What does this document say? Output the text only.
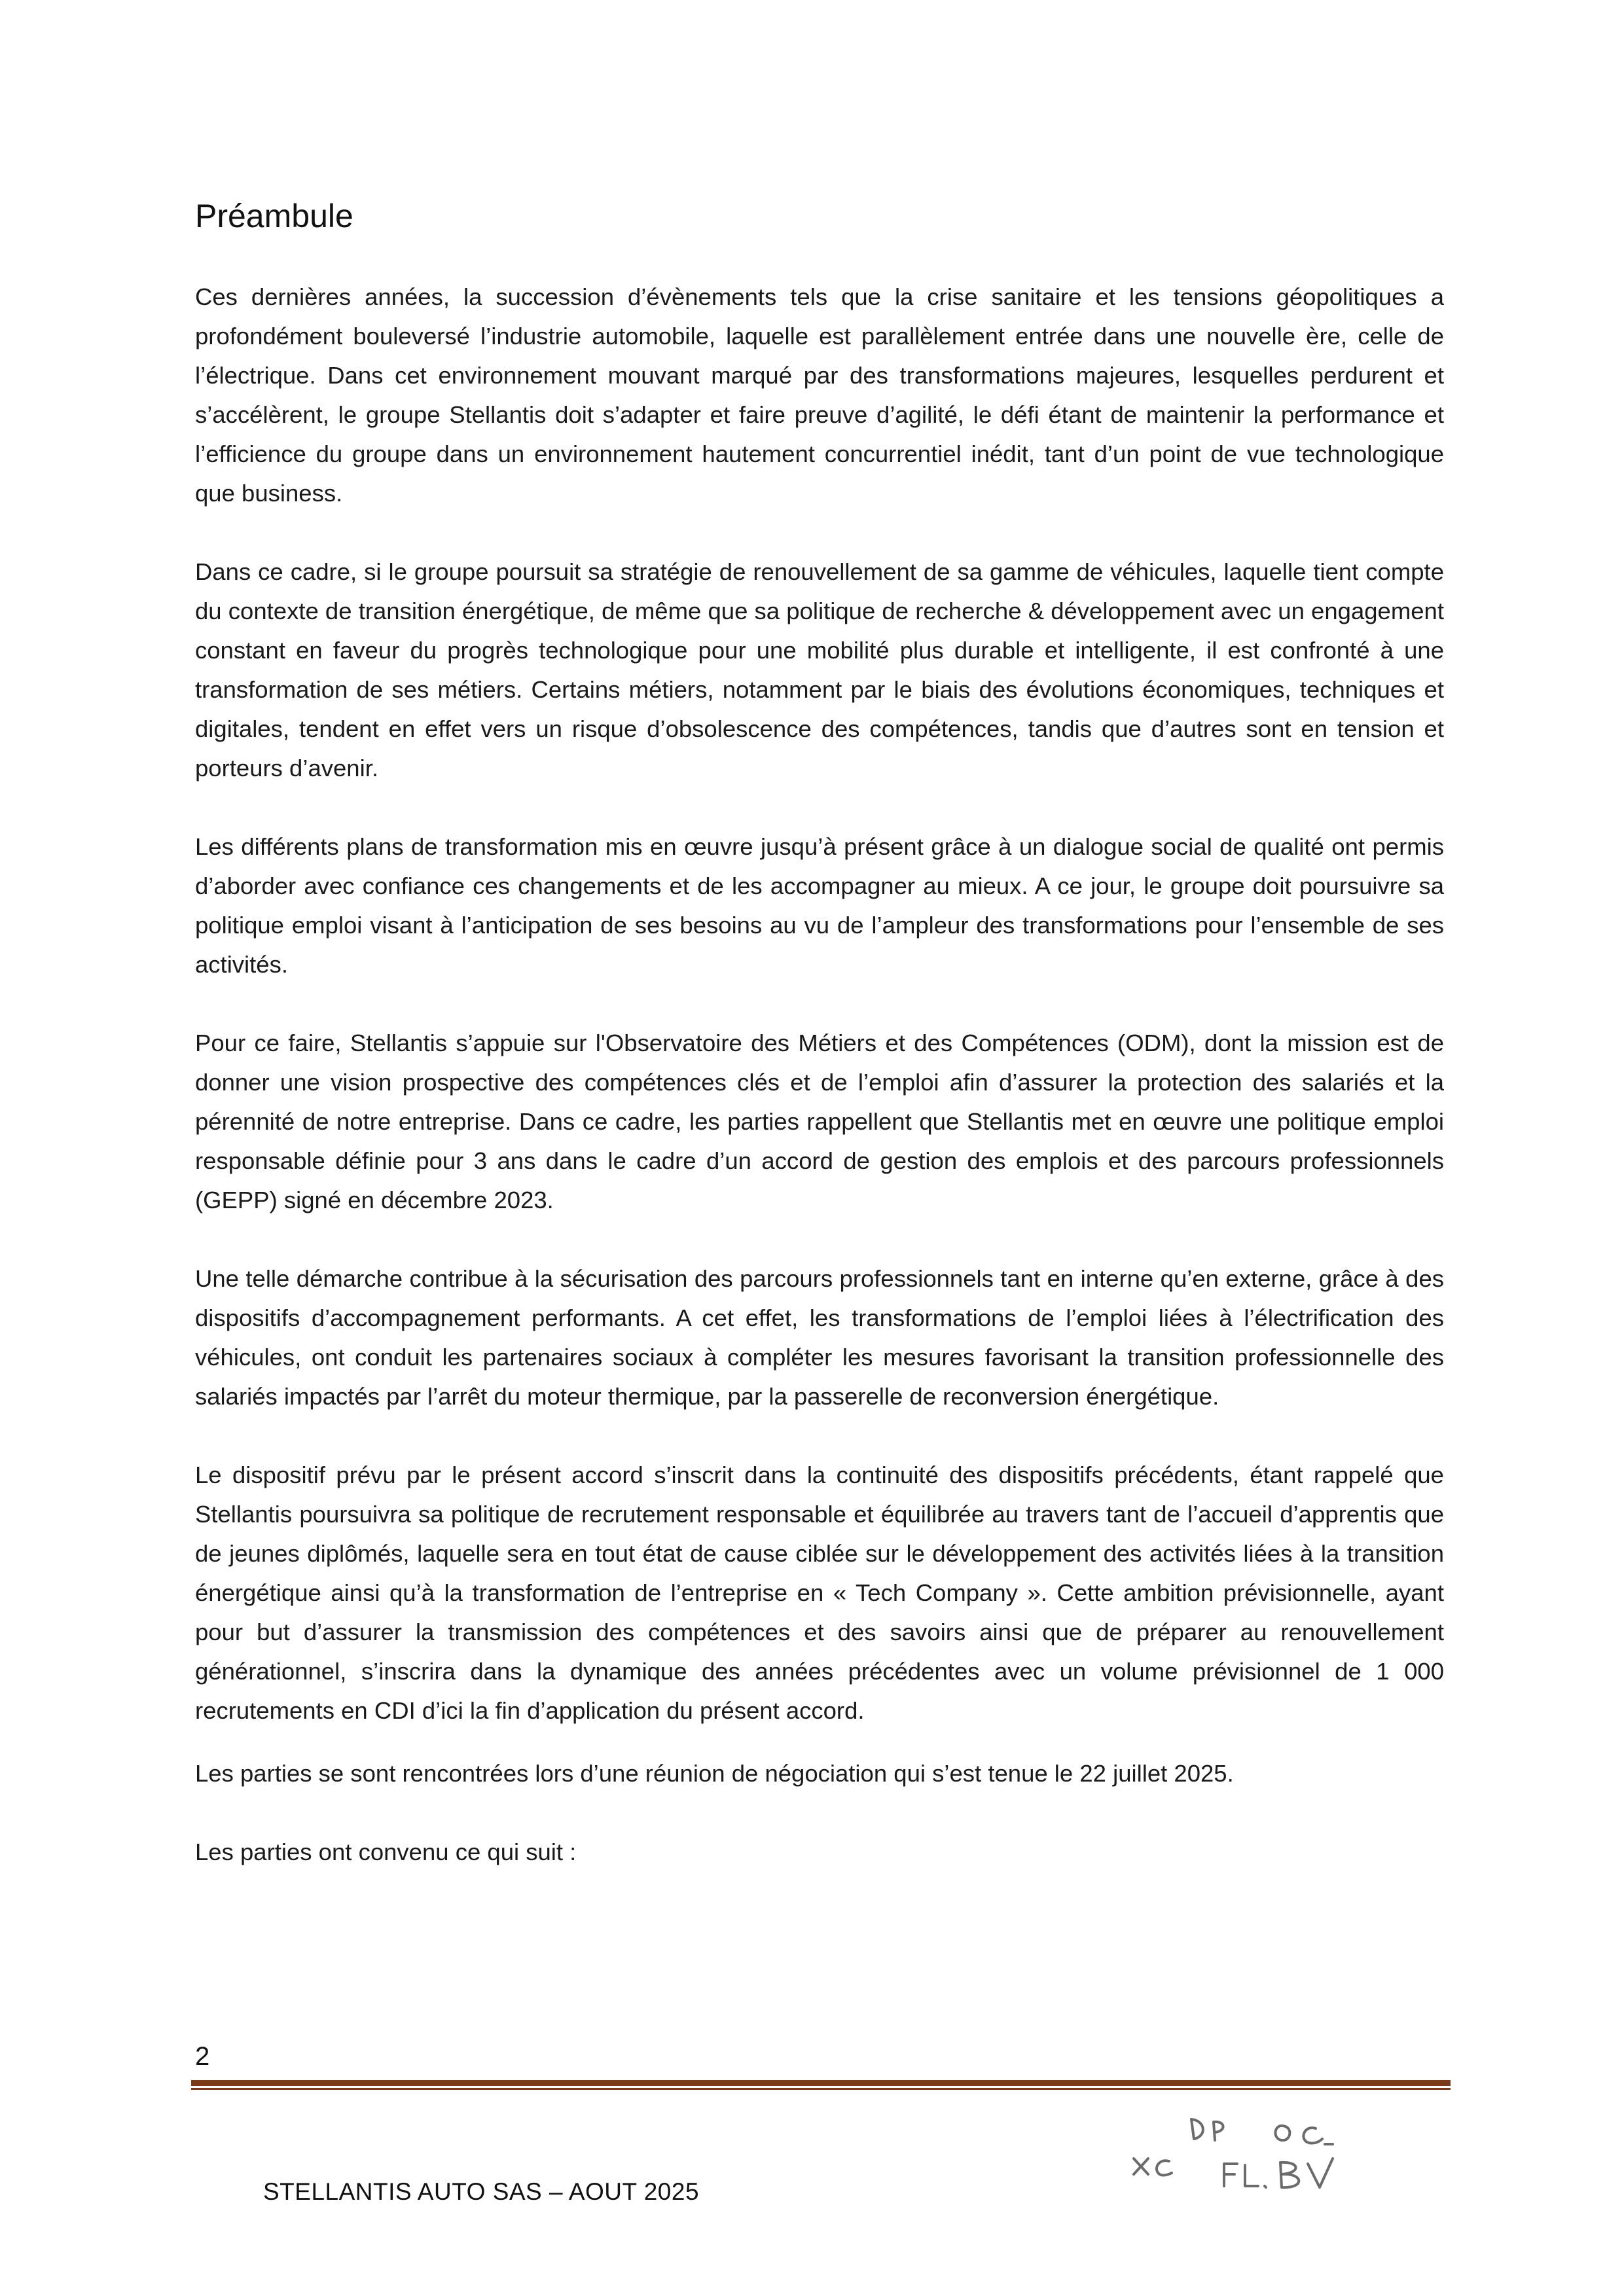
Préambule

Ces dernières années, la succession d’évènements tels que la crise sanitaire et les tensions géopolitiques a profondément bouleversé l’industrie automobile, laquelle est parallèlement entrée dans une nouvelle ère, celle de l’électrique. Dans cet environnement mouvant marqué par des transformations majeures, lesquelles perdurent et s’accélèrent, le groupe Stellantis doit s’adapter et faire preuve d’agilité, le défi étant de maintenir la performance et l’efficience du groupe dans un environnement hautement concurrentiel inédit, tant d’un point de vue technologique que business.

Dans ce cadre, si le groupe poursuit sa stratégie de renouvellement de sa gamme de véhicules, laquelle tient compte du contexte de transition énergétique, de même que sa politique de recherche & développement avec un engagement constant en faveur du progrès technologique pour une mobilité plus durable et intelligente, il est confronté à une transformation de ses métiers. Certains métiers, notamment par le biais des évolutions économiques, techniques et digitales, tendent en effet vers un risque d’obsolescence des compétences, tandis que d’autres sont en tension et porteurs d’avenir.

Les différents plans de transformation mis en œuvre jusqu’à présent grâce à un dialogue social de qualité ont permis d’aborder avec confiance ces changements et de les accompagner au mieux. A ce jour, le groupe doit poursuivre sa politique emploi visant à l’anticipation de ses besoins au vu de l’ampleur des transformations pour l’ensemble de ses activités.

Pour ce faire, Stellantis s’appuie sur l'Observatoire des Métiers et des Compétences (ODM), dont la mission est de donner une vision prospective des compétences clés et de l’emploi afin d’assurer la protection des salariés et la pérennité de notre entreprise. Dans ce cadre, les parties rappellent que Stellantis met en œuvre une politique emploi responsable définie pour 3 ans dans le cadre d’un accord de gestion des emplois et des parcours professionnels (GEPP) signé en décembre 2023.

Une telle démarche contribue à la sécurisation des parcours professionnels tant en interne qu’en externe, grâce à des dispositifs d’accompagnement performants. A cet effet, les transformations de l’emploi liées à l’électrification des véhicules, ont conduit les partenaires sociaux à compléter les mesures favorisant la transition professionnelle des salariés impactés par l’arrêt du moteur thermique, par la passerelle de reconversion énergétique.

Le dispositif prévu par le présent accord s’inscrit dans la continuité des dispositifs précédents, étant rappelé que Stellantis poursuivra sa politique de recrutement responsable et équilibrée au travers tant de l’accueil d’apprentis que de jeunes diplômés, laquelle sera en tout état de cause ciblée sur le développement des activités liées à la transition énergétique ainsi qu’à la transformation de l’entreprise en « Tech Company ». Cette ambition prévisionnelle, ayant pour but d’assurer la transmission des compétences et des savoirs ainsi que de préparer au renouvellement générationnel, s’inscrira dans la dynamique des années précédentes avec un volume prévisionnel de 1 000 recrutements en CDI d’ici la fin d’application du présent accord.

Les parties se sont rencontrées lors d’une réunion de négociation qui s’est tenue le 22 juillet 2025.

Les parties ont convenu ce qui suit :

2
STELLANTIS AUTO SAS – AOUT 2025
